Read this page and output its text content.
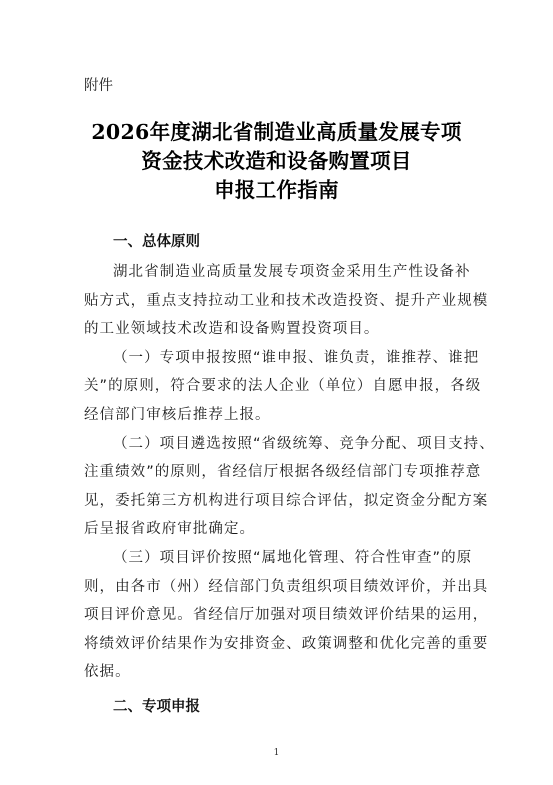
附件
2026年度湖北省制造业高质量发展专项
资金技术改造和设备购置项目
申报工作指南
一、总体原则
湖北省制造业高质量发展专项资金采用生产性设备补
贴方式，重点支持拉动工业和技术改造投资、提升产业规模
的工业领域技术改造和设备购置投资项目。
（一）专项申报按照“谁申报、谁负责，谁推荐、谁把
关”的原则，符合要求的法人企业（单位）自愿申报，各级
经信部门审核后推荐上报。
（二）项目遴选按照“省级统筹、竞争分配、项目支持、
注重绩效”的原则，省经信厅根据各级经信部门专项推荐意
见，委托第三方机构进行项目综合评估，拟定资金分配方案
后呈报省政府审批确定。
（三）项目评价按照“属地化管理、符合性审查”的原
则，由各市（州）经信部门负责组织项目绩效评价，并出具
项目评价意见。省经信厅加强对项目绩效评价结果的运用，
将绩效评价结果作为安排资金、政策调整和优化完善的重要
依据。
二、专项申报
1
